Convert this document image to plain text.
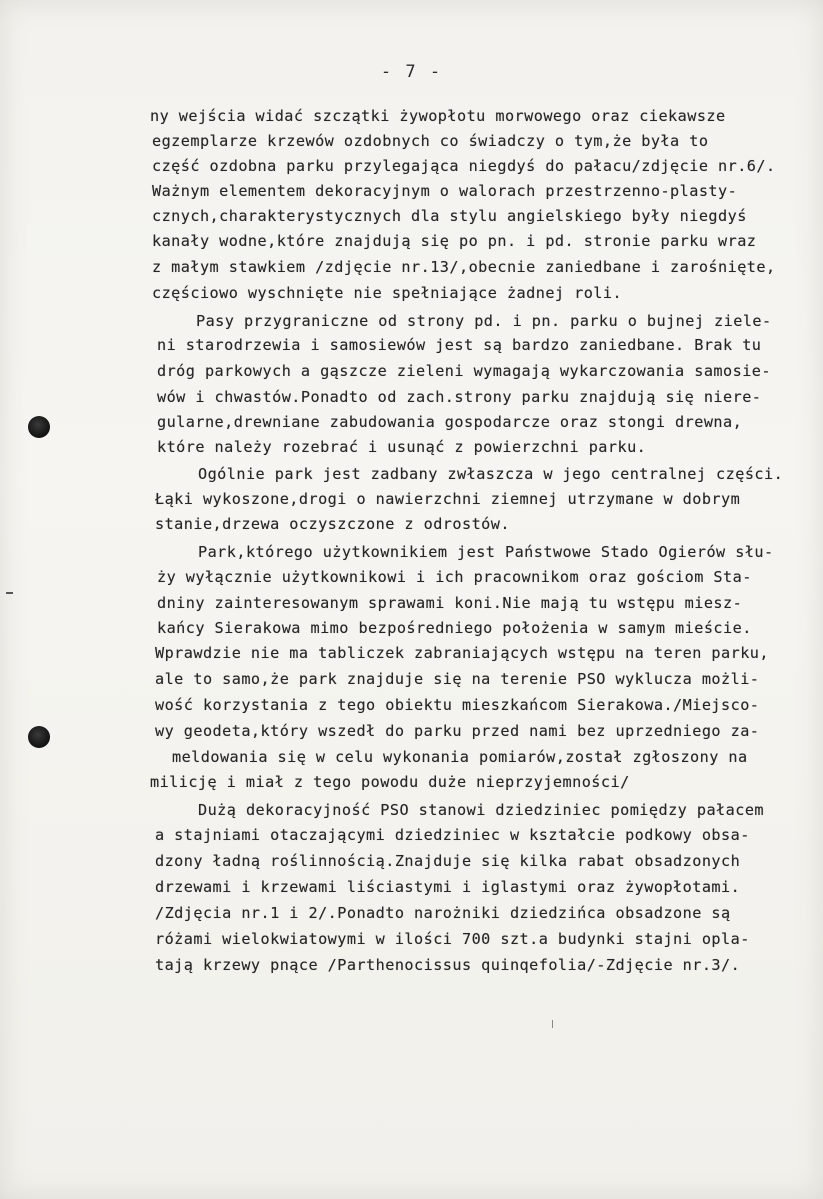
- 7 -
ny wejścia widać szczątki żywopłotu morwowego oraz ciekawsze
egzemplarze krzewów ozdobnych co świadczy o tym,że była to
część ozdobna parku przylegająca niegdyś do pałacu/zdjęcie nr.6/.
Ważnym elementem dekoracyjnym o walorach przestrzenno-plasty-
cznych,charakterystycznych dla stylu angielskiego były niegdyś
kanały wodne,które znajdują się po pn. i pd. stronie parku wraz
z małym stawkiem /zdjęcie nr.13/,obecnie zaniedbane i zarośnięte,
częściowo wyschnięte nie spełniające żadnej roli.
Pasy przygraniczne od strony pd. i pn. parku o bujnej ziele-
ni starodrzewia i samosiewów jest są bardzo zaniedbane. Brak tu
dróg parkowych a gąszcze zieleni wymagają wykarczowania samosie-
wów i chwastów.Ponadto od zach.strony parku znajdują się niere-
gularne,drewniane zabudowania gospodarcze oraz stongi drewna,
które należy rozebrać i usunąć z powierzchni parku.
Ogólnie park jest zadbany zwłaszcza w jego centralnej części.
Łąki wykoszone,drogi o nawierzchni ziemnej utrzymane w dobrym
stanie,drzewa oczyszczone z odrostów.
Park,którego użytkownikiem jest Państwowe Stado Ogierów słu-
ży wyłącznie użytkownikowi i ich pracownikom oraz gościom Sta-
dniny zainteresowanym sprawami koni.Nie mają tu wstępu miesz-
kańcy Sierakowa mimo bezpośredniego położenia w samym mieście.
Wprawdzie nie ma tabliczek zabraniających wstępu na teren parku,
ale to samo,że park znajduje się na terenie PSO wyklucza możli-
wość korzystania z tego obiektu mieszkańcom Sierakowa./Miejsco-
wy geodeta,który wszedł do parku przed nami bez uprzedniego za-
meldowania się w celu wykonania pomiarów,został zgłoszony na
milicję i miał z tego powodu duże nieprzyjemności/
Dużą dekoracyjność PSO stanowi dziedziniec pomiędzy pałacem
a stajniami otaczającymi dziedziniec w kształcie podkowy obsa-
dzony ładną roślinnością.Znajduje się kilka rabat obsadzonych
drzewami i krzewami liściastymi i iglastymi oraz żywopłotami.
/Zdjęcia nr.1 i 2/.Ponadto narożniki dziedzińca obsadzone są
różami wielokwiatowymi w ilości 700 szt.a budynki stajni opla-
tają krzewy pnące /Parthenocissus quinqefolia/-Zdjęcie nr.3/.
